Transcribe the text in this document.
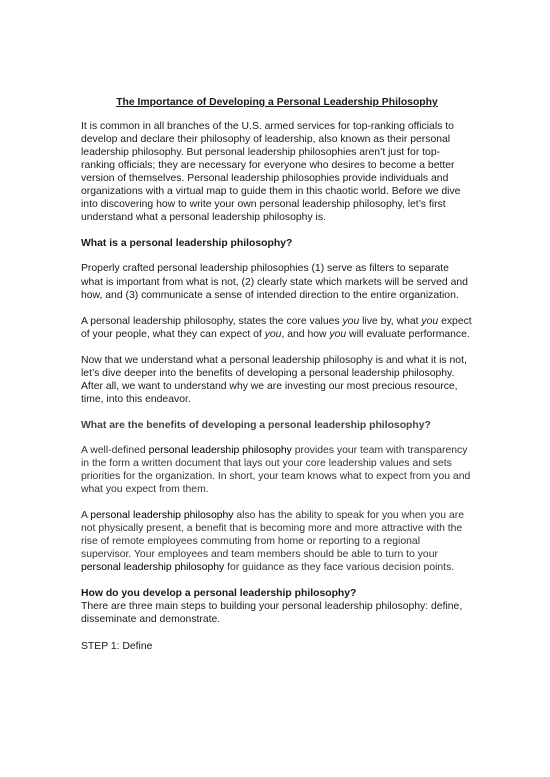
The Importance of Developing a Personal Leadership Philosophy

It is common in all branches of the U.S. armed services for top-ranking officials to develop and declare their philosophy of leadership, also known as their personal leadership philosophy. But personal leadership philosophies aren’t just for top-ranking officials; they are necessary for everyone who desires to become a better version of themselves. Personal leadership philosophies provide individuals and organizations with a virtual map to guide them in this chaotic world. Before we dive into discovering how to write your own personal leadership philosophy, let’s first understand what a personal leadership philosophy is.

What is a personal leadership philosophy?

Properly crafted personal leadership philosophies (1) serve as filters to separate what is important from what is not, (2) clearly state which markets will be served and how, and (3) communicate a sense of intended direction to the entire organization.

A personal leadership philosophy, states the core values you live by, what you expect of your people, what they can expect of you, and how you will evaluate performance.

Now that we understand what a personal leadership philosophy is and what it is not, let’s dive deeper into the benefits of developing a personal leadership philosophy. After all, we want to understand why we are investing our most precious resource, time, into this endeavor.

What are the benefits of developing a personal leadership philosophy?

A well-defined personal leadership philosophy provides your team with transparency in the form a written document that lays out your core leadership values and sets priorities for the organization. In short, your team knows what to expect from you and what you expect from them.

A personal leadership philosophy also has the ability to speak for you when you are not physically present, a benefit that is becoming more and more attractive with the rise of remote employees commuting from home or reporting to a regional supervisor. Your employees and team members should be able to turn to your personal leadership philosophy for guidance as they face various decision points.

How do you develop a personal leadership philosophy?

There are three main steps to building your personal leadership philosophy: define, disseminate and demonstrate.

STEP 1: Define
